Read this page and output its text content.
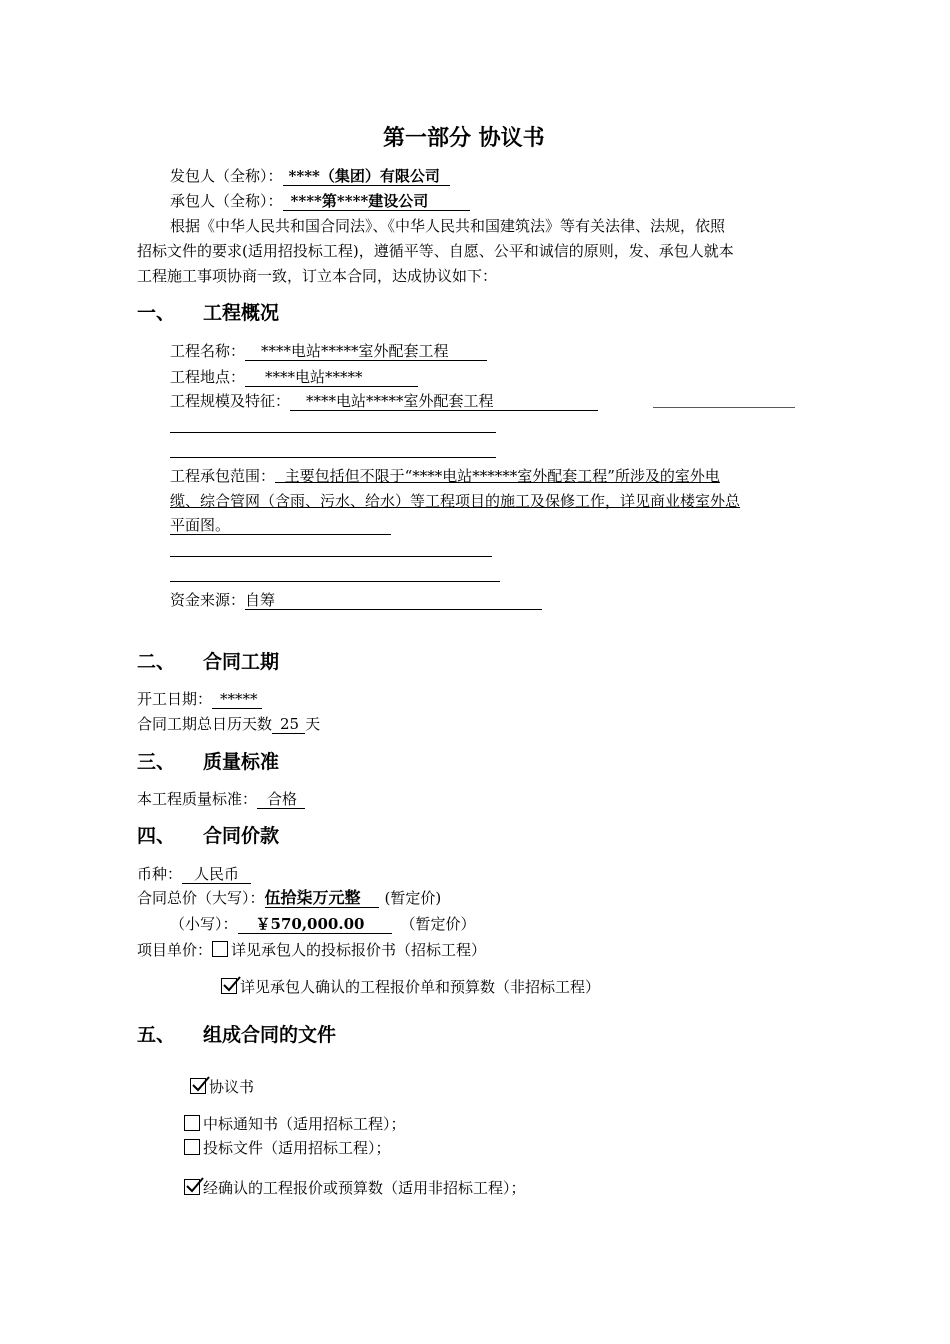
第一部分 协议书
发包人（全称）： ****（集团）有限公司
承包人（全称）： ****第****建设公司
根据《中华人民共和国合同法》、《中华人民共和国建筑法》等有关法律、法规，依照
招标文件的要求(适用招投标工程)，遵循平等、自愿、公平和诚信的原则，发、承包人就本
工程施工事项协商一致，订立本合同，达成协议如下：
一、 工程概况
工程名称： ****电站*****室外配套工程
工程地点： ****电站*****
工程规模及特征： ****电站*****室外配套工程
工程承包范围： 主要包括但不限于“****电站******室外配套工程”所涉及的室外电
缆、综合管网（含雨、污水、给水）等工程项目的施工及保修工作，详见商业楼室外总
平面图。
资金来源：自筹
二、 合同工期
开工日期： *****
合同工期总日历天数 25 天
三、 质量标准
本工程质量标准： 合格
四、 合同价款
币种： 人民币
合同总价（大写）：伍拾柒万元整 (暂定价)
（小写）： ￥570,000.00 （暂定价）
项目单价： 详见承包人的投标报价书（招标工程）
详见承包人确认的工程报价单和预算数（非招标工程）
五、 组成合同的文件
协议书
中标通知书（适用招标工程）；
投标文件（适用招标工程）；
经确认的工程报价或预算数（适用非招标工程）；
